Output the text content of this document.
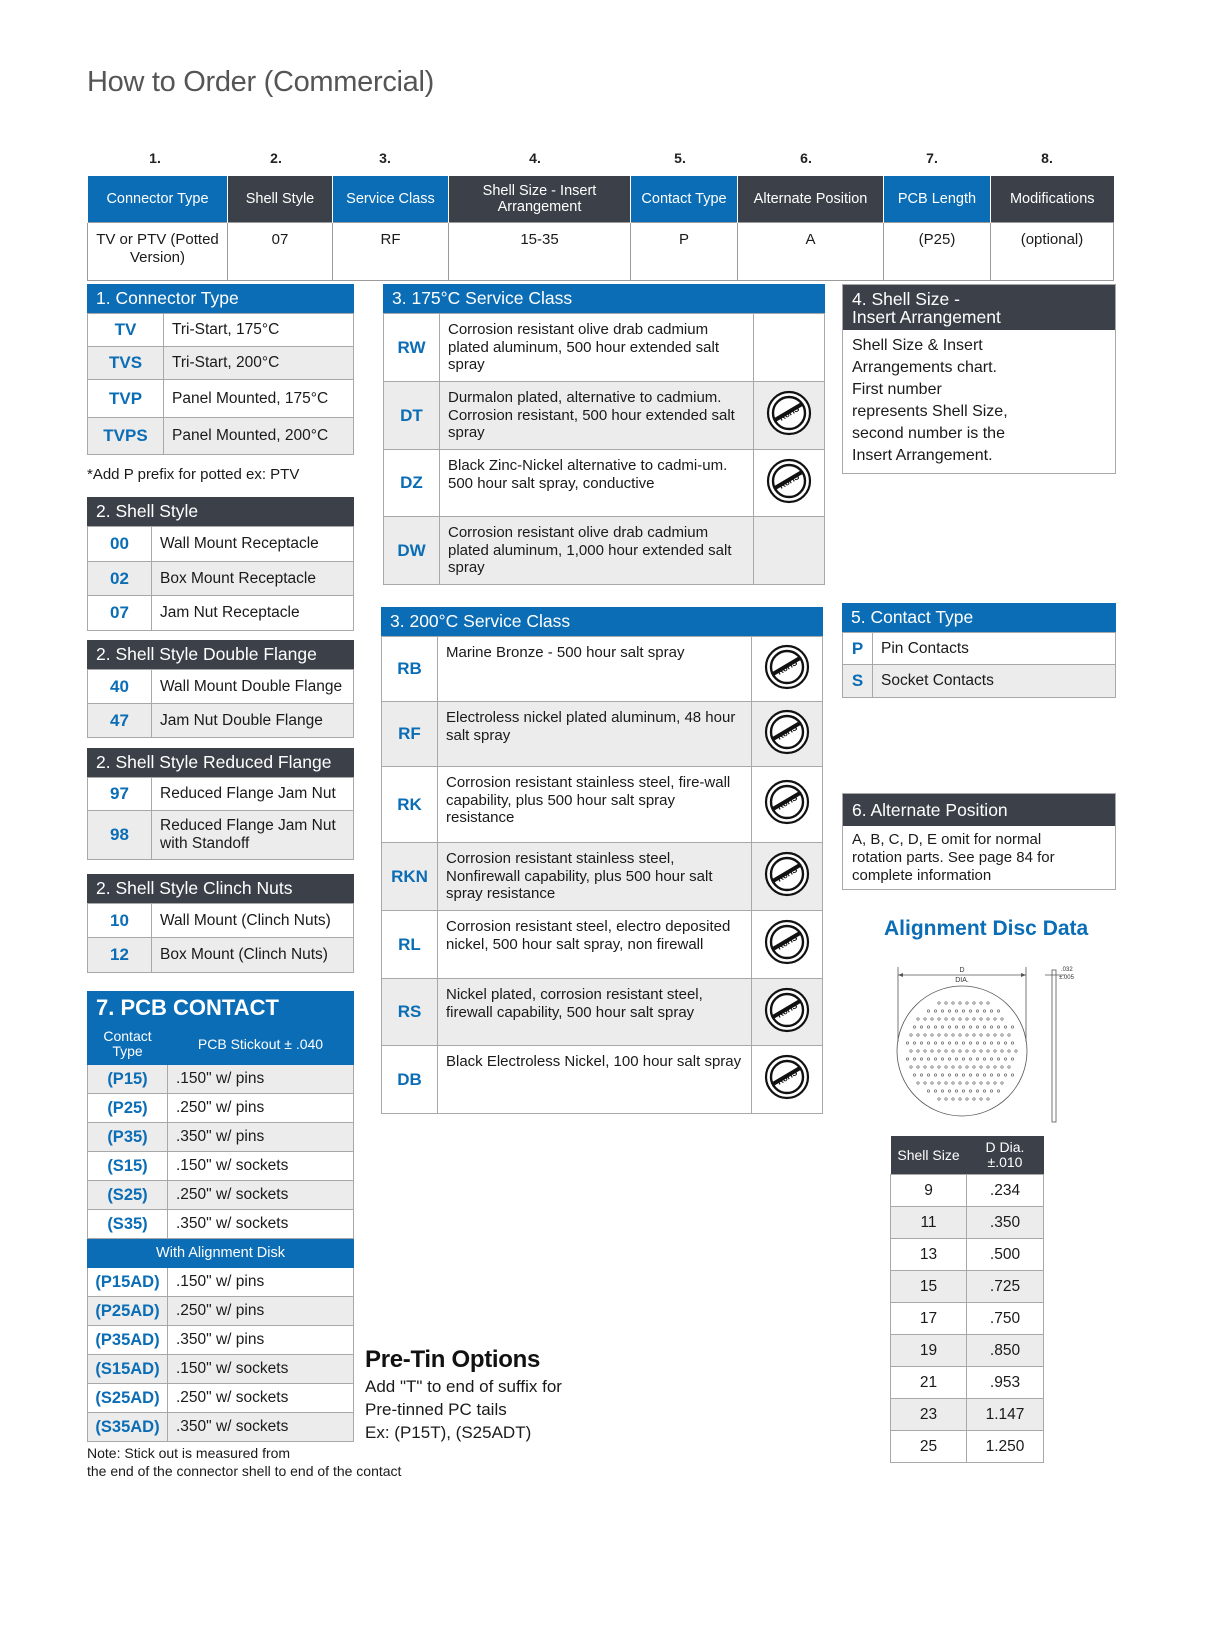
How to Order (Commercial)
1.	2.	3.	4.	5.	6.	7.	8.
Connector Type	Shell Style	Service Class	Shell Size - Insert Arrangement	Contact Type	Alternate Position	PCB Length	Modifications
TV or PTV (Potted Version)	07	RF	15-35	P	A	(P25)	(optional)
1. Connector Type
TV	Tri-Start, 175°C
TVS	Tri-Start, 200°C
TVP	Panel Mounted, 175°C
TVPS	Panel Mounted, 200°C
*Add P prefix for potted ex: PTV
2. Shell Style
00	Wall Mount Receptacle
02	Box Mount Receptacle
07	Jam Nut Receptacle
2. Shell Style Double Flange
40	Wall Mount Double Flange
47	Jam Nut Double Flange
2. Shell Style Reduced Flange
97	Reduced Flange Jam Nut
98	Reduced Flange Jam Nut with Standoff
2. Shell Style Clinch Nuts
10	Wall Mount (Clinch Nuts)
12	Box Mount (Clinch Nuts)
7. PCB CONTACT
Contact Type	PCB Stickout ± .040
(P15)	.150" w/ pins
(P25)	.250" w/ pins
(P35)	.350" w/ pins
(S15)	.150" w/ sockets
(S25)	.250" w/ sockets
(S35)	.350" w/ sockets
With Alignment Disk	
(P15AD)	.150" w/ pins
(P25AD)	.250" w/ pins
(P35AD)	.350" w/ pins
(S15AD)	.150" w/ sockets
(S25AD)	.250" w/ sockets
(S35AD)	.350" w/ sockets
Note: Stick out is measured from
the end of the connector shell to end of the contact
3. 175°C Service Class
RW	Corrosion resistant olive drab cadmium plated aluminum, 500 hour extended salt spray	
DT	Durmalon plated, alternative to cadmium. Corrosion resistant, 500 hour extended salt spray	RoHS

DZ	Black Zinc-Nickel alternative to cadmi-um. 500 hour salt spray, conductive	RoHS

DW	Corrosion resistant olive drab cadmium plated aluminum, 1,000 hour extended salt spray	
3. 200°C Service Class
RB	Marine Bronze - 500 hour salt spray	RoHS

RF	Electroless nickel plated aluminum, 48 hour salt spray	RoHS

RK	Corrosion resistant stainless steel, fire-wall capability, plus 500 hour salt spray resistance	RoHS

RKN	Corrosion resistant stainless steel, Nonfirewall capability, plus 500 hour salt spray resistance	RoHS

RL	Corrosion resistant steel, electro deposited nickel, 500 hour salt spray, non firewall	RoHS

RS	Nickel plated, corrosion resistant steel, firewall capability, 500 hour salt spray	RoHS

DB	Black Electroless Nickel, 100 hour salt spray	RoHS
Pre-Tin Options
Add "T" to end of suffix for
Pre-tinned PC tails
Ex: (P15T), (S25ADT)
4. Shell Size -
Insert Arrangement
Shell Size & Insert
Arrangements chart.
First number
represents Shell Size,
second number is the
Insert Arrangement.
5. Contact Type
P	Pin Contacts
S	Socket Contacts
6. Alternate Position
A, B, C, D, E omit for normal
rotation parts. See page 84 for
complete information
Alignment Disc Data
D
DIA.
.032
±.005
Shell Size	D Dia. ±.010
9	.234
11	.350
13	.500
15	.725
17	.750
19	.850
21	.953
23	1.147
25	1.250
